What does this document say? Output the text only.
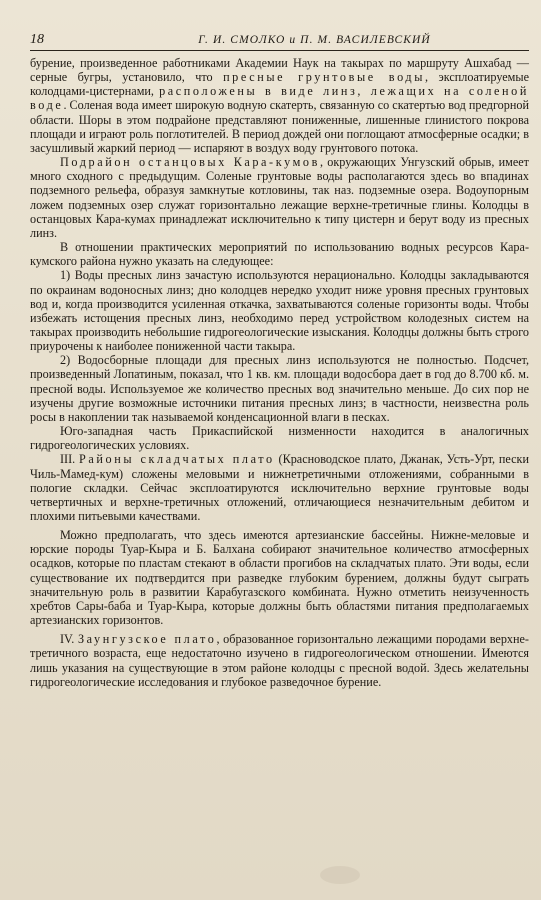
18	Г. И. СМОЛКО и П. М. ВАСИЛЕВСКИЙ

бурение, произведенное работниками Академии Наук на такырах по маршруту Ашхабад — серные бугры, установило, что пресные грунтовые воды, эксплоатируемые колодцами-цистернами, расположены в виде линз, лежащих на соленой воде. Соленая вода имеет широкую водную скатерть, связанную со скатертью вод предгорной области. Шоры в этом подрайоне представляют пониженные, лишенные глинистого покрова площади и играют роль поглотителей. В период дождей они поглощают атмосферные осадки; в засушливый жаркий период — испаряют в воздух воду грунтового потока.

Подрайон останцовых Кара-кумов, окружающих Унгузский обрыв, имеет много сходного с предыдущим. Соленые грунтовые воды располагаются здесь во впадинах подземного рельефа, образуя замкнутые котловины, так наз. подземные озера. Водоупорным ложем подземных озер служат горизонтально лежащие верхне-третичные глины. Колодцы в останцовых Кара-кумах принадлежат исключительно к типу цистерн и берут воду из пресных линз.

В отношении практических мероприятий по использованию водных ресурсов Кара-кумского района нужно указать на следующее:

1) Воды пресных линз зачастую используются нерационально. Колодцы закладываются по окраинам водоносных линз; дно колодцев нередко уходит ниже уровня пресных грунтовых вод и, когда производится усиленная откачка, захватываются соленые горизонты воды. Чтобы избежать истощения пресных линз, необходимо перед устройством колодезных систем на такырах производить небольшие гидрогеологические изыскания. Колодцы должны быть строго приурочены к наиболее пониженной части такыра.

2) Водосборные площади для пресных линз используются не полностью. Подсчет, произведенный Лопатиным, показал, что 1 кв. км. площади водосбора дает в год до 8.700 кб. м. пресной воды. Используемое же количество пресных вод значительно меньше. До сих пор не изучены другие возможные источники питания пресных линз; в частности, неизвестна роль росы в накоплении так называемой конденсационной влаги в песках.

Юго-западная часть Прикаспийской низменности находится в аналогичных гидрогеологических условиях.

III. Районы складчатых плато (Красноводское плато, Джанак, Усть-Урт, пески Чиль-Мамед-кум) сложены меловыми и нижнетретичными отложениями, собранными в пологие складки. Сейчас эксплоатируются исключительно верхние грунтовые воды четвертичных и верхне-третичных отложений, отличающиеся незначительным дебитом и плохими питьевыми качествами.

Можно предполагать, что здесь имеются артезианские бассейны. Нижне-меловые и юрские породы Туар-Кыра и Б. Балхана собирают значительное количество атмосферных осадков, которые по пластам стекают в области прогибов на складчатых плато. Эти воды, если существование их подтвердится при разведке глубоким бурением, должны будут сыграть значительную роль в развитии Карабугазского комбината. Нужно отметить неизученность хребтов Сары-баба и Туар-Кыра, которые должны быть областями питания предполагаемых артезианских горизонтов.

IV. Заунгузское плато, образованное горизонтально лежащими породами верхне-третичного возраста, еще недостаточно изучено в гидрогеологическом отношении. Имеются лишь указания на существующие в этом районе колодцы с пресной водой. Здесь желательны гидрогеологические исследования и глубокое разведочное бурение.
